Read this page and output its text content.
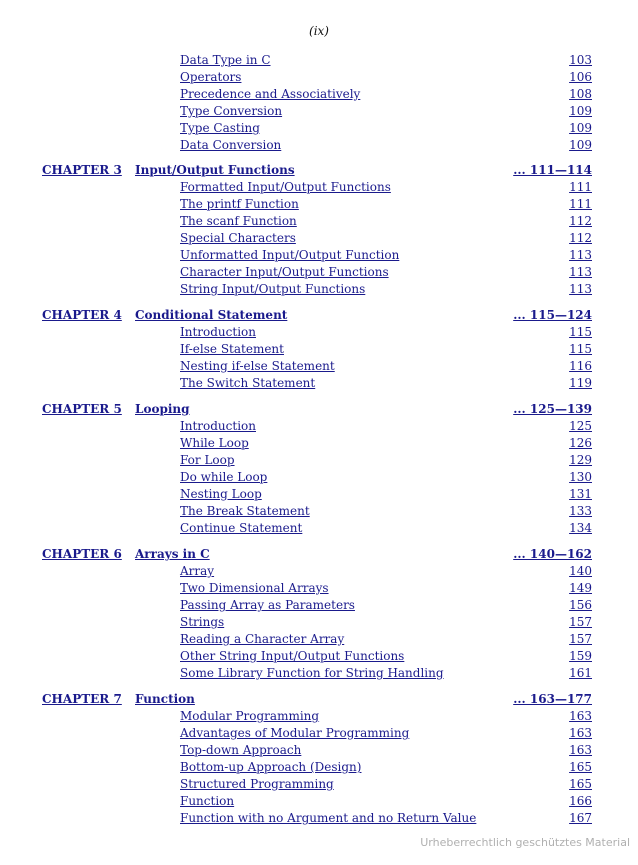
(ix)
Data Type in C	103
Operators	106
Precedence and Associatively	108
Type Conversion	109
Type Casting	109
Data Conversion	109
CHAPTER 3 Input/Output Functions	... 111—114
Formatted Input/Output Functions	111
The printf Function	111
The scanf Function	112
Special Characters	112
Unformatted Input/Output Function	113
Character Input/Output Functions	113
String Input/Output Functions	113
CHAPTER 4 Conditional Statement	... 115—124
Introduction	115
If-else Statement	115
Nesting if-else Statement	116
The Switch Statement	119
CHAPTER 5 Looping	... 125—139
Introduction	125
While Loop	126
For Loop	129
Do while Loop	130
Nesting Loop	131
The Break Statement	133
Continue Statement	134
CHAPTER 6 Arrays in C	... 140—162
Array	140
Two Dimensional Arrays	149
Passing Array as Parameters	156
Strings	157
Reading a Character Array	157
Other String Input/Output Functions	159
Some Library Function for String Handling	161
CHAPTER 7 Function	... 163—177
Modular Programming	163
Advantages of Modular Programming	163
Top-down Approach	163
Bottom-up Approach (Design)	165
Structured Programming	165
Function	166
Function with no Argument and no Return Value	167
Urheberrechtlich geschütztes Material
